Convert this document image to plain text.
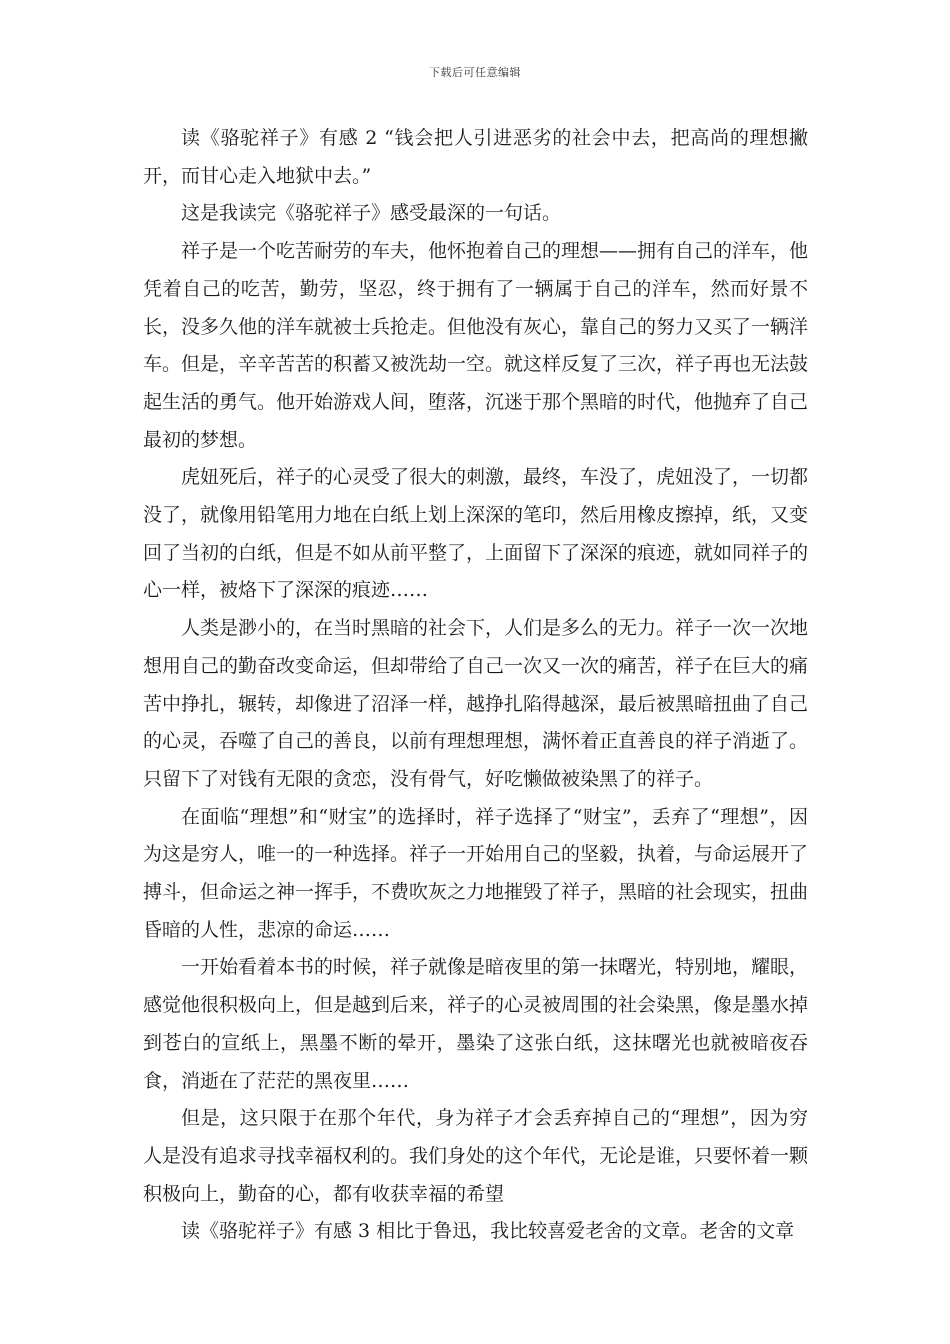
下载后可任意编辑

读《骆驼祥子》有感 2 “钱会把人引进恶劣的社会中去，把高尚的理想撇开，而甘心走入地狱中去。”

这是我读完《骆驼祥子》感受最深的一句话。

祥子是一个吃苦耐劳的车夫，他怀抱着自己的理想——拥有自己的洋车，他凭着自己的吃苦，勤劳，坚忍，终于拥有了一辆属于自己的洋车，然而好景不长，没多久他的洋车就被士兵抢走。但他没有灰心，靠自己的努力又买了一辆洋车。但是，辛辛苦苦的积蓄又被洗劫一空。就这样反复了三次，祥子再也无法鼓起生活的勇气。他开始游戏人间，堕落，沉迷于那个黑暗的时代，他抛弃了自己最初的梦想。

虎妞死后，祥子的心灵受了很大的刺激，最终，车没了，虎妞没了，一切都没了，就像用铅笔用力地在白纸上划上深深的笔印，然后用橡皮擦掉，纸，又变回了当初的白纸，但是不如从前平整了，上面留下了深深的痕迹，就如同祥子的心一样，被烙下了深深的痕迹……

人类是渺小的，在当时黑暗的社会下，人们是多么的无力。祥子一次一次地想用自己的勤奋改变命运，但却带给了自己一次又一次的痛苦，祥子在巨大的痛苦中挣扎，辗转，却像进了沼泽一样，越挣扎陷得越深，最后被黑暗扭曲了自己的心灵，吞噬了自己的善良，以前有理想理想，满怀着正直善良的祥子消逝了。只留下了对钱有无限的贪恋，没有骨气，好吃懒做被染黑了的祥子。

在面临“理想”和“财宝”的选择时，祥子选择了“财宝”，丢弃了“理想”，因为这是穷人，唯一的一种选择。祥子一开始用自己的坚毅，执着，与命运展开了搏斗，但命运之神一挥手，不费吹灰之力地摧毁了祥子，黑暗的社会现实，扭曲昏暗的人性，悲凉的命运……

一开始看着本书的时候，祥子就像是暗夜里的第一抹曙光，特别地，耀眼，感觉他很积极向上，但是越到后来，祥子的心灵被周围的社会染黑，像是墨水掉到苍白的宣纸上，黑墨不断的晕开，墨染了这张白纸，这抹曙光也就被暗夜吞食，消逝在了茫茫的黑夜里……

但是，这只限于在那个年代，身为祥子才会丢弃掉自己的“理想”，因为穷人是没有追求寻找幸福权利的。我们身处的这个年代，无论是谁，只要怀着一颗积极向上，勤奋的心，都有收获幸福的希望

读《骆驼祥子》有感 3 相比于鲁迅，我比较喜爱老舍的文章。老舍的文章
